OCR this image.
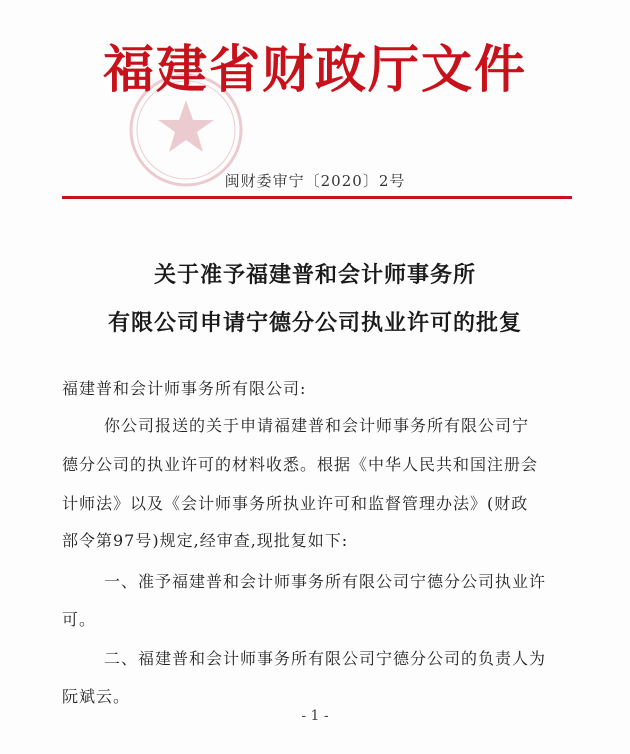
福建省财政厅文件
闽财委审宁〔2020〕2号
关于准予福建普和会计师事务所
有限公司申请宁德分公司执业许可的批复
福建普和会计师事务所有限公司:
你公司报送的关于申请福建普和会计师事务所有限公司宁
德分公司的执业许可的材料收悉。根据《中华人民共和国注册会
计师法》以及《会计师事务所执业许可和监督管理办法》(财政
部令第97号)规定,经审查,现批复如下:
一、准予福建普和会计师事务所有限公司宁德分公司执业许
可。
二、福建普和会计师事务所有限公司宁德分公司的负责人为
阮斌云。
- 1 -
